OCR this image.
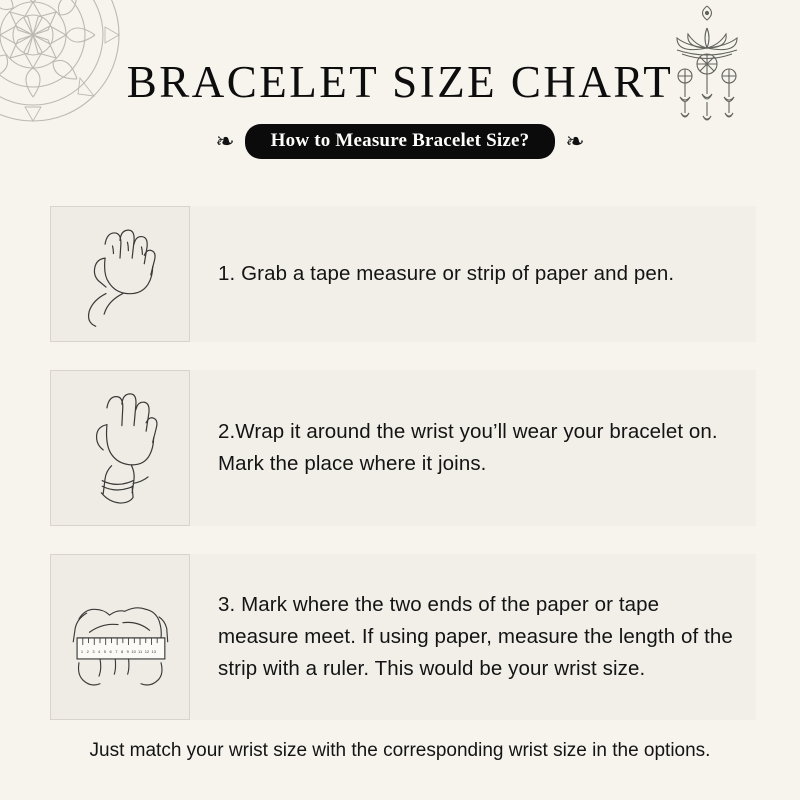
BRACELET SIZE CHART
❧	How to Measure Bracelet Size?	❧
1. Grab a tape measure or strip of paper and pen.
2.Wrap it around the wrist you’ll wear your bracelet on. Mark the place where it joins.
1 2 3 4 5 6 7 8 9 10 11 12 13
3. Mark where the two ends of the paper or tape measure meet. If using paper, measure the length of the strip with a ruler. This would be your wrist size.
Just match your wrist size with the corresponding wrist size in the options.
